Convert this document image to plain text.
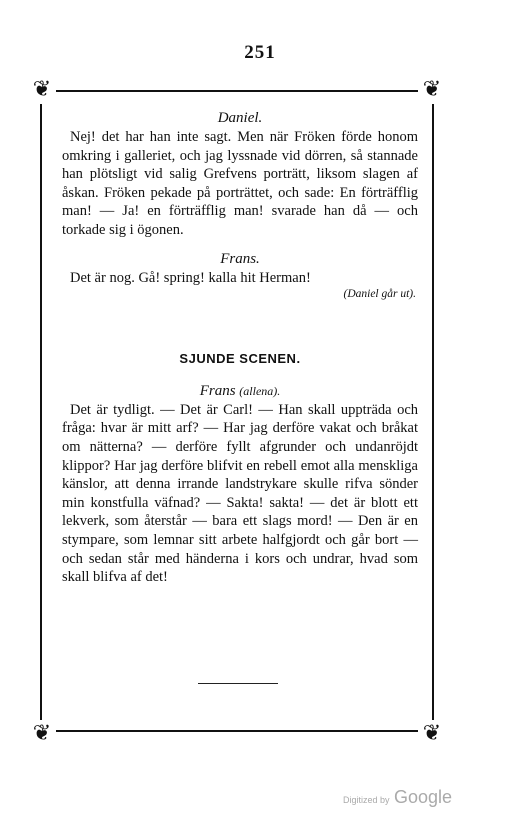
251
❦	❦
❦	❦

Daniel.

Nej! det har han inte sagt. Men när Fröken förde honom omkring i galleriet, och jag lyssnade vid dörren, så stannade han plötsligt vid salig Grefvens porträtt, liksom slagen af åskan. Fröken pekade på porträttet, och sade: En förträfflig man! — Ja! en förträfflig man! svarade han då — och torkade sig i ögonen.

Frans.

Det är nog. Gå! spring! kalla hit Herman!

(Daniel går ut).

SJUNDE SCENEN.

Frans (allena).

Det är tydligt. — Det är Carl! — Han skall uppträda och fråga: hvar är mitt arf? — Har jag derföre vakat och bråkat om nätterna? — derföre fyllt afgrunder och undanröjdt klippor? Har jag derföre blifvit en rebell emot alla menskliga känslor, att denna irrande landstrykare skulle rifva sönder min konstfulla väfnad? — Sakta! sakta! — det är blott ett lekverk, som återstår — bara ett slags mord! — Den är en stympare, som lemnar sitt arbete halfgjordt och går bort — och sedan står med händerna i kors och undrar, hvad som skall blifva af det!

Digitized by Google
